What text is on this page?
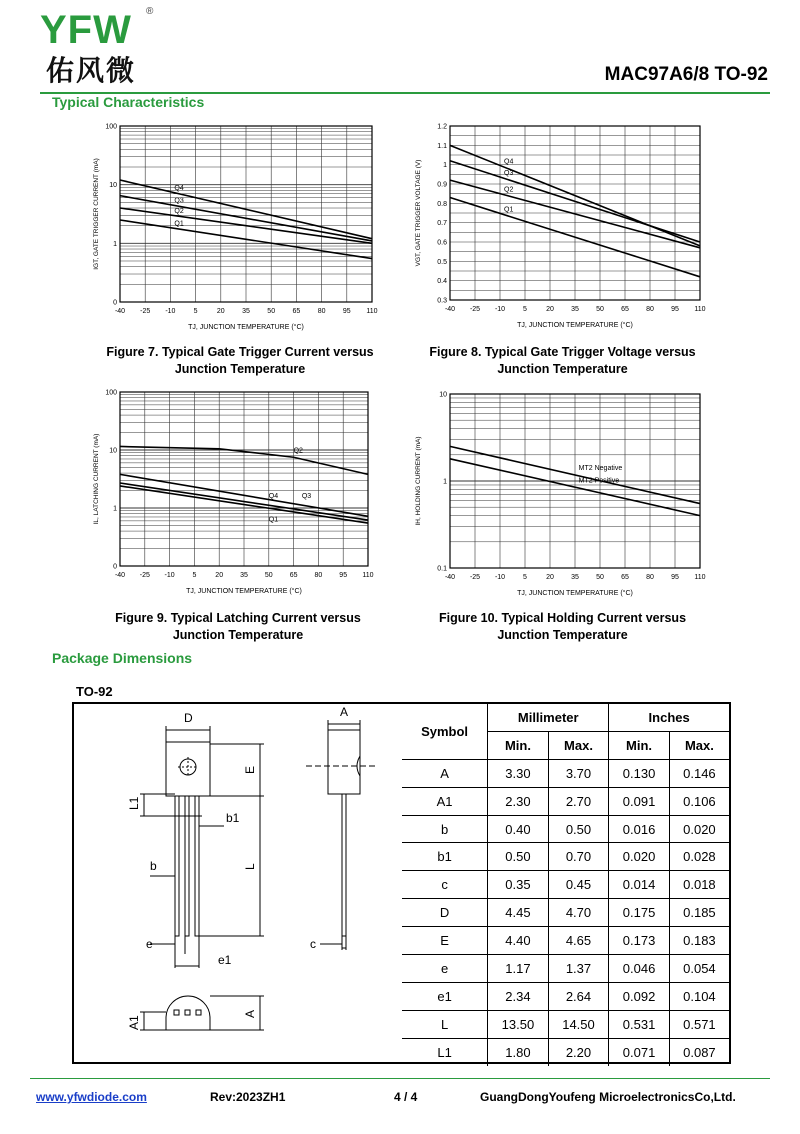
YFW ®
佑风微	MAC97A6/8 TO-92
Typical Characteristics
-40 -25 -10	5	20 35 50 65 80 95 110
0
1
10
100
TJ, JUNCTION TEMPERATURE (°C)
IGT, GATE TRIGGER CURRENT (mA)	Q4
Q3
Q2
Q1
-40 -25 -10	5	20 35 50 65 80 95 110
0.3
0.4
0.5
0.6
0.7
0.8
0.9
1
1.1
1.2
TJ, JUNCTION TEMPERATURE (°C)
VGT, GATE TRIGGER VOLTAGE (V)	Q4
Q3
Q2
Q1
-40 -25 -10	5	20 35 50 65 80 95 110
0
1
10
100
TJ, JUNCTION TEMPERATURE (°C)
IL, LATCHING CURRENT (mA)	Q2
Q4	Q3
Q1
-40 -25 -10	5	20 35 50 65 80 95 110
0.1
1
10
TJ, JUNCTION TEMPERATURE (°C)
IH, HOLDING CURRENT (mA)	MT2 Negative
MT2 Positive
Figure 7. Typical Gate Trigger Current versus
Junction Temperature
Figure 8. Typical Gate Trigger Voltage versus
Junction Temperature
Figure 9. Typical Latching Current versus
Junction Temperature
Figure 10. Typical Holding Current versus
Junction Temperature
Package Dimensions
TO-92
D	A
E
L1
b1
b	L
e
e1
c
A1
A
Symbol	Millimeter		Inches	
	Min.	Max.	Min.	Max.
A	3.30	3.70	0.130	0.146
A1	2.30	2.70	0.091	0.106
b	0.40	0.50	0.016	0.020
b1	0.50	0.70	0.020	0.028
c	0.35	0.45	0.014	0.018
D	4.45	4.70	0.175	0.185
E	4.40	4.65	0.173	0.183
e	1.17	1.37	0.046	0.054
e1	2.34	2.64	0.092	0.104
L	13.50	14.50	0.531	0.571
L1	1.80	2.20	0.071	0.087
www.yfwdiode.com	Rev:2023ZH1	4 / 4	GuangDongYoufeng MicroelectronicsCo,Ltd.
